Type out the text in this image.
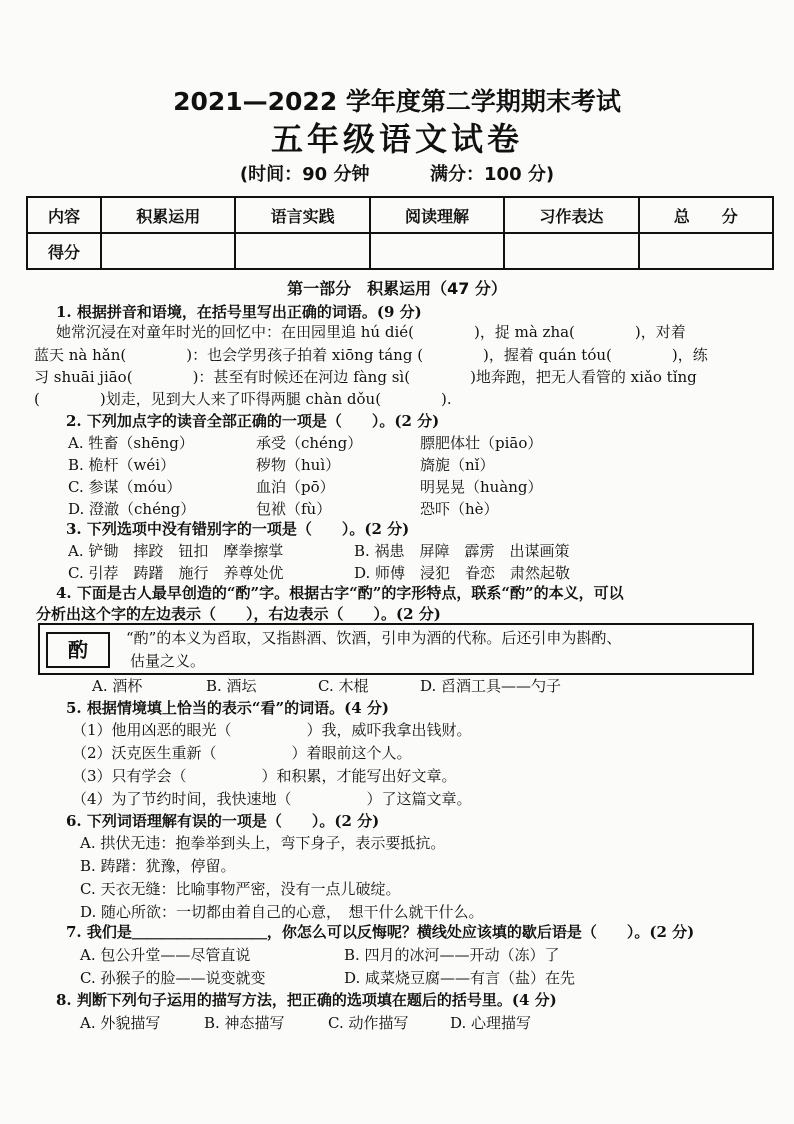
2021—2022 学年度第二学期期末考试
五年级语文试卷
(时间：90 分钟	满分：100 分)
内容	积累运用	语言实践	阅读理解	习作表达	总　　分
得分					
第一部分　积累运用（47 分）
1. 根据拼音和语境，在括号里写出正确的词语。(9 分)
她常沉浸在对童年时光的回忆中：在田园里追 hú dié(　　　　)，捉 mà zha(　　　　)，对着
蓝天 nà hǎn(　　　　)：也会学男孩子拍着 xiōng táng (　　　　)，握着 quán tóu(　　　　)，练
习 shuāi jiāo(　　　　)：甚至有时候还在河边 fàng sì(　　　　)地奔跑，把无人看管的 xiǎo tǐng
(　　　　)划走，见到大人来了吓得两腿 chàn dǒu(　　　　).
2. 下列加点字的读音全部正确的一项是（　　）。(2 分)
A. 牲畜（shēng）	承受（chéng）	膘肥体壮（piāo）
B. 桅杆（wéi）	秽物（huì）	旖旎（nǐ）
C. 参谋（móu）	血泊（pō）	明晃晃（huàng）
D. 澄澈（chéng）	包袱（fù）	恐吓（hè）
3. 下列选项中没有错别字的一项是（　　）。(2 分)
A. 铲锄　摔跤　钮扣　摩拳擦掌	B. 祸患　屏障　霹雳　出谋画策
C. 引荐　踌躇　施行　养尊处优	D. 师傅　浸犯　眷恋　肃然起敬
4. 下面是古人最早创造的“酌”字。根据古字“酌”的字形特点，联系“酌”的本义，可以
分析出这个字的左边表示（　　），右边表示（　　）。(2 分)
酌	“酌”的本义为舀取，又指斟酒、饮酒，引申为酒的代称。后还引申为斟酌、
估量之义。
A. 酒杯	B. 酒坛	C. 木棍	D. 舀酒工具——勺子
5. 根据情境填上恰当的表示“看”的词语。(4 分)
（1）他用凶恶的眼光（　　　　　）我，威吓我拿出钱财。
（2）沃克医生重新（　　　　　）着眼前这个人。
（3）只有学会（　　　　　）和积累，才能写出好文章。
（4）为了节约时间，我快速地（　　　　　）了这篇文章。
6. 下列词语理解有误的一项是（　　）。(2 分)
A. 拱伏无违：抱拳举到头上，弯下身子，表示要抵抗。
B. 踌躇：犹豫，停留。
C. 天衣无缝：比喻事物严密，没有一点儿破绽。
D. 随心所欲：一切都由着自己的心意，　想干什么就干什么。
7. 我们是＿＿＿＿＿＿＿＿＿，你怎么可以反悔呢？横线处应该填的歇后语是（　　）。(2 分)
A. 包公升堂——尽管直说	B. 四月的冰河——开动（冻）了
C. 孙猴子的脸——说变就变	D. 咸菜烧豆腐——有言（盐）在先
8. 判断下列句子运用的描写方法，把正确的选项填在题后的括号里。(4 分)
A. 外貌描写	B. 神态描写	C. 动作描写	D. 心理描写
